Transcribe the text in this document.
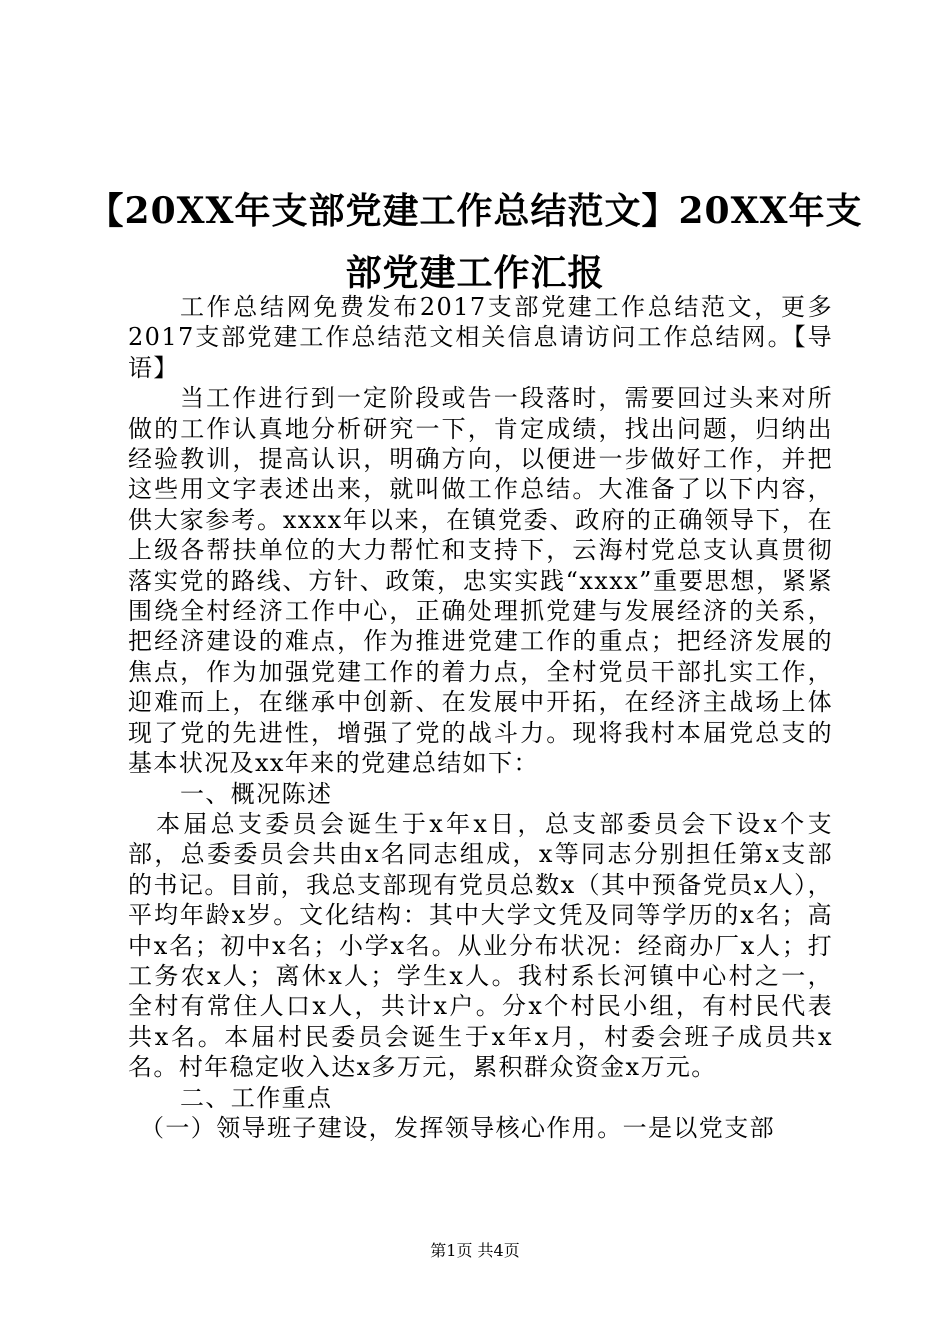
【20XX年支部党建工作总结范文】20XX年支部党建工作汇报

工作总结网免费发布2017支部党建工作总结范文，更多2017支部党建工作总结范文相关信息请访问工作总结网。【导语】

当工作进行到一定阶段或告一段落时，需要回过头来对所做的工作认真地分析研究一下，肯定成绩，找出问题，归纳出经验教训，提高认识，明确方向，以便进一步做好工作，并把这些用文字表述出来，就叫做工作总结。大准备了以下内容，供大家参考。xxxx年以来，在镇党委、政府的正确领导下，在上级各帮扶单位的大力帮忙和支持下，云海村党总支认真贯彻落实党的路线、方针、政策，忠实实践“xxxx”重要思想，紧紧围绕全村经济工作中心，正确处理抓党建与发展经济的关系，把经济建设的难点，作为推进党建工作的重点；把经济发展的焦点，作为加强党建工作的着力点，全村党员干部扎实工作，迎难而上，在继承中创新、在发展中开拓，在经济主战场上体现了党的先进性，增强了党的战斗力。现将我村本届党总支的基本状况及xx年来的党建总结如下：

一、概况陈述

本届总支委员会诞生于x年x日，总支部委员会下设x个支部，总委委员会共由x名同志组成，x等同志分别担任第x支部的书记。目前，我总支部现有党员总数x（其中预备党员x人），平均年龄x岁。文化结构：其中大学文凭及同等学历的x名；高中x名；初中x名；小学x名。从业分布状况：经商办厂x人；打工务农x人；离休x人；学生x人。我村系长河镇中心村之一，全村有常住人口x人，共计x户。分x个村民小组，有村民代表共x名。本届村民委员会诞生于x年x月，村委会班子成员共x名。村年稳定收入达x多万元，累积群众资金x万元。

二、工作重点

（一）领导班子建设，发挥领导核心作用。一是以党支部

第1页 共4页
